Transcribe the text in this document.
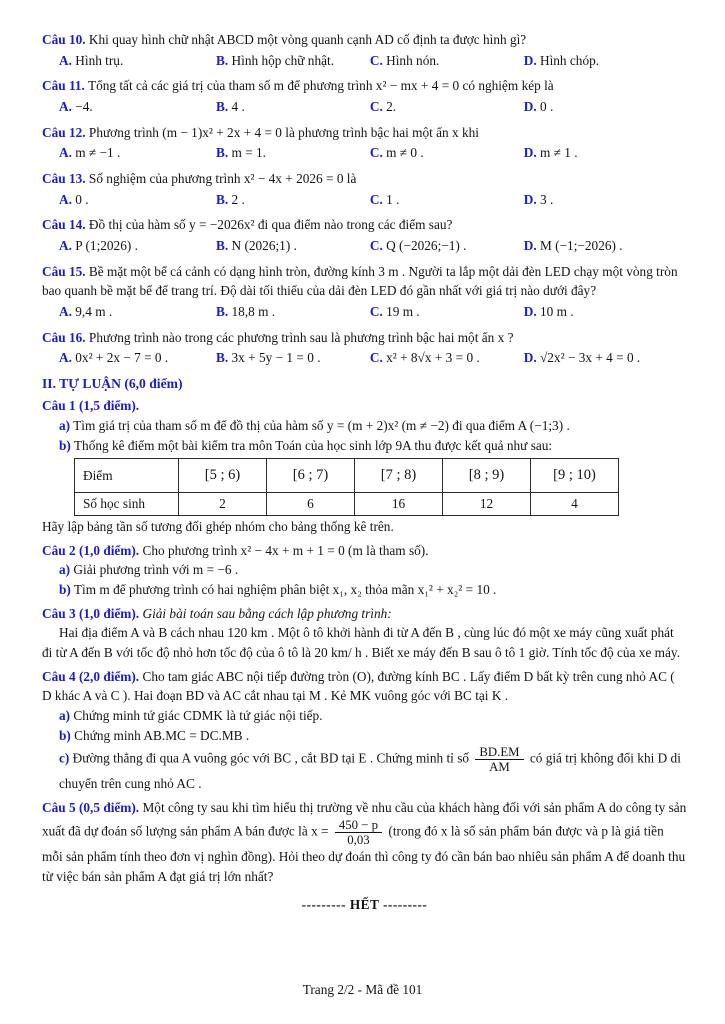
Câu 10. Khi quay hình chữ nhật ABCD một vòng quanh cạnh AD cố định ta được hình gì?
A. Hình trụ.	B. Hình hộp chữ nhật.	C. Hình nón.	D. Hình chóp.
Câu 11. Tổng tất cả các giá trị của tham số m để phương trình x² − mx + 4 = 0 có nghiệm kép là
A. −4.	B. 4 .	C. 2.	D. 0 .
Câu 12. Phương trình (m − 1)x² + 2x + 4 = 0 là phương trình bậc hai một ẩn x khi
A. m ≠ −1 .	B. m = 1.	C. m ≠ 0 .	D. m ≠ 1 .
Câu 13. Số nghiệm của phương trình x² − 4x + 2026 = 0 là
A. 0 .	B. 2 .	C. 1 .	D. 3 .
Câu 14. Đồ thị của hàm số y = −2026x² đi qua điểm nào trong các điểm sau?
A. P (1;2026) .	B. N (2026;1) .	C. Q (−2026;−1) .	D. M (−1;−2026) .
Câu 15. Bề mặt một bể cá cảnh có dạng hình tròn, đường kính 3 m . Người ta lắp một dải đèn LED chạy một vòng tròn bao quanh bề mặt bể để trang trí. Độ dài tối thiểu của dải đèn LED đó gần nhất với giá trị nào dưới đây?
A. 9,4 m .	B. 18,8 m .	C. 19 m .	D. 10 m .
Câu 16. Phương trình nào trong các phương trình sau là phương trình bậc hai một ẩn x ?
A. 0x² + 2x − 7 = 0 .	B. 3x + 5y − 1 = 0 .	C. x² + 8√x + 3 = 0 .	D. √2x² − 3x + 4 = 0 .
II. TỰ LUẬN (6,0 điểm)
Câu 1 (1,5 điểm).
a) Tìm giá trị của tham số m để đồ thị của hàm số y = (m + 2)x² (m ≠ −2) đi qua điểm A (−1;3) .
b) Thống kê điểm một bài kiểm tra môn Toán của học sinh lớp 9A thu được kết quả như sau:
Điểm	[5 ; 6)	[6 ; 7)	[7 ; 8)	[8 ; 9)	[9 ; 10)
Số học sinh	2	6	16	12	4
Hãy lập bảng tần số tương đối ghép nhóm cho bảng thống kê trên.
Câu 2 (1,0 điểm). Cho phương trình x² − 4x + m + 1 = 0 (m là tham số).
a) Giải phương trình với m = −6 .
b) Tìm m để phương trình có hai nghiệm phân biệt x₁, x₂ thỏa mãn x₁² + x₂² = 10 .
Câu 3 (1,0 điểm). Giải bài toán sau bằng cách lập phương trình:
Hai địa điểm A và B cách nhau 120 km . Một ô tô khởi hành đi từ A đến B , cùng lúc đó một xe máy cũng xuất phát đi từ A đến B với tốc độ nhỏ hơn tốc độ của ô tô là 20 km/ h . Biết xe máy đến B sau ô tô 1 giờ. Tính tốc độ của xe máy.
Câu 4 (2,0 điểm). Cho tam giác ABC nội tiếp đường tròn (O), đường kính BC . Lấy điểm D bất kỳ trên cung nhỏ AC ( D khác A và C ). Hai đoạn BD và AC cắt nhau tại M . Kẻ MK vuông góc với BC tại K .
a) Chứng minh tứ giác CDMK là tứ giác nội tiếp.
b) Chứng minh AB.MC = DC.MB .
c) Đường thẳng đi qua A vuông góc với BC , cắt BD tại E . Chứng minh tỉ số $\frac{BD.EM}{AM}$ có giá trị không đổi khi D di chuyển trên cung nhỏ AC .
Câu 5 (0,5 điểm). Một công ty sau khi tìm hiểu thị trường về nhu cầu của khách hàng đối với sản phẩm A do công ty sản xuất đã dự đoán số lượng sản phẩm A bán được là $x = \frac{450 - p}{0,03}$ (trong đó x là số sản phẩm bán được và p là giá tiền mỗi sản phẩm tính theo đơn vị nghìn đồng). Hỏi theo dự đoán thì công ty đó cần bán bao nhiêu sản phẩm A để doanh thu từ việc bán sản phẩm A đạt giá trị lớn nhất?
--------- HẾT ---------
Trang 2/2 - Mã đề 101
